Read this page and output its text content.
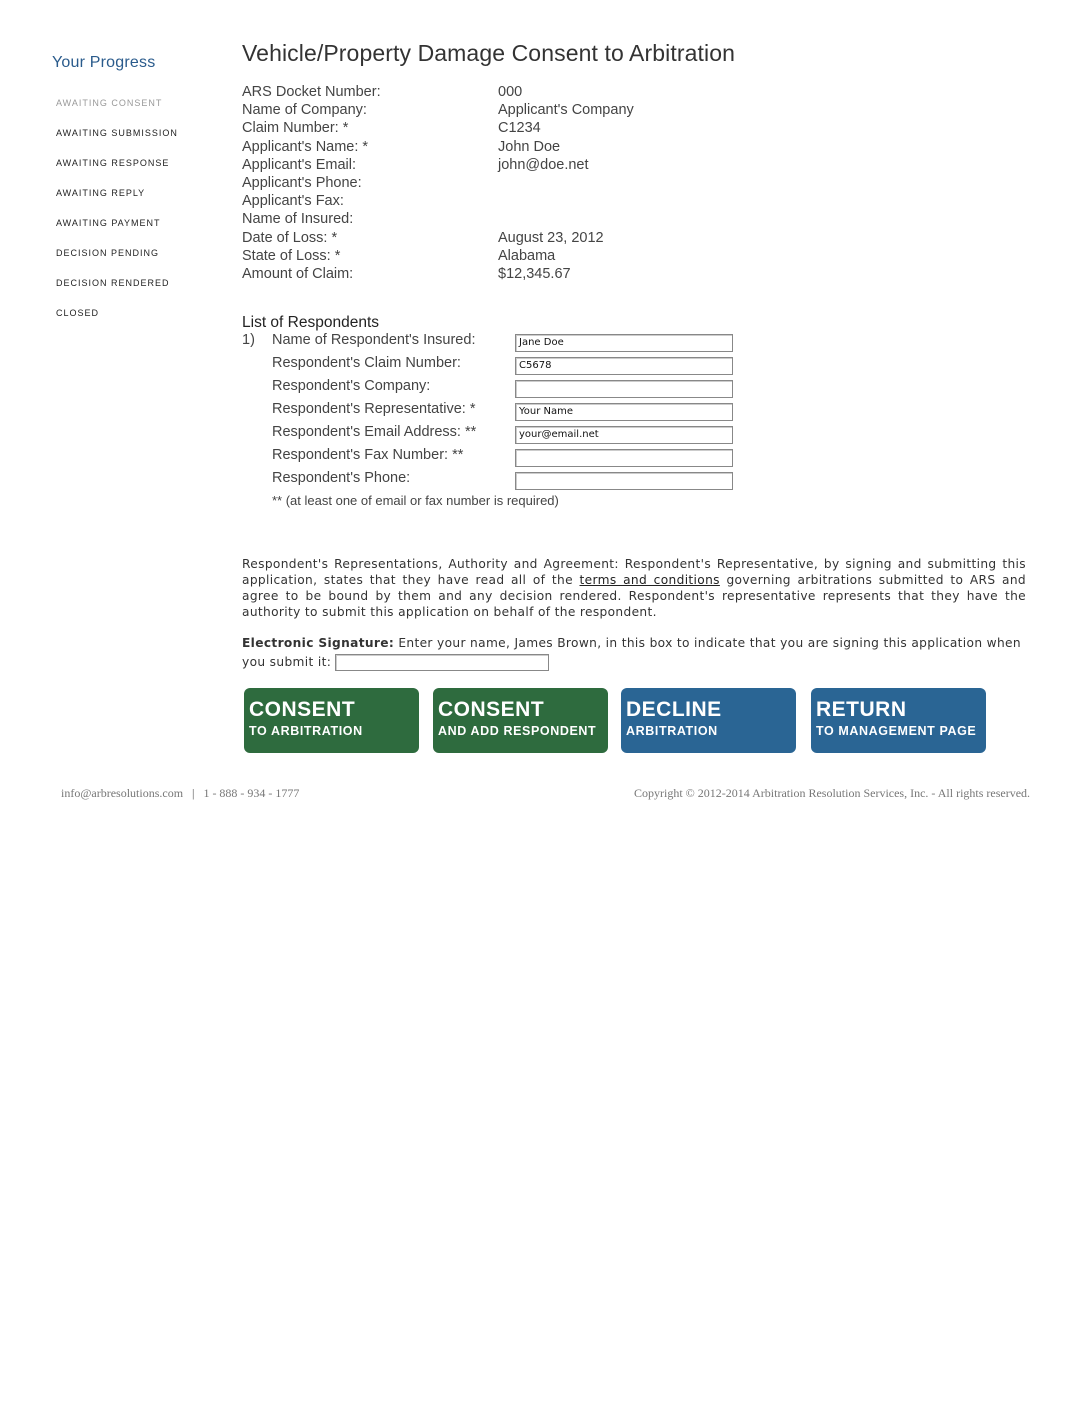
Your Progress
AWAITING CONSENT
AWAITING SUBMISSION
AWAITING RESPONSE
AWAITING REPLY
AWAITING PAYMENT
DECISION PENDING
DECISION RENDERED
CLOSED
Vehicle/Property Damage Consent to Arbitration
ARS Docket Number:	000
Name of Company:	Applicant's Company
Claim Number: *	C1234
Applicant's Name: *	John Doe
Applicant's Email:	john@doe.net
Applicant's Phone:
Applicant's Fax:
Name of Insured:
Date of Loss: *	August 23, 2012
State of Loss: *	Alabama
Amount of Claim:	$12,345.67
List of Respondents
1) Name of Respondent's Insured:	Jane Doe
Respondent's Claim Number:	C5678
Respondent's Company:
Respondent's Representative: *	Your Name
Respondent's Email Address: **	your@email.net
Respondent's Fax Number: **
Respondent's Phone:
** (at least one of email or fax number is required)
Respondent's Representations, Authority and Agreement: Respondent's Representative, by signing and submitting this application, states that they have read all of the terms and conditions governing arbitrations submitted to ARS and agree to be bound by them and any decision rendered. Respondent's representative represents that they have the authority to submit this application on behalf of the respondent.
Electronic Signature: Enter your name, James Brown, in this box to indicate that you are signing this application when you submit it:
CONSENT
TO ARBITRATION
CONSENT
AND ADD RESPONDENT
DECLINE
ARBITRATION
RETURN
TO MANAGEMENT PAGE
info@arbresolutions.com | 1 - 888 - 934 - 1777	Copyright © 2012-2014 Arbitration Resolution Services, Inc. - All rights reserved.
